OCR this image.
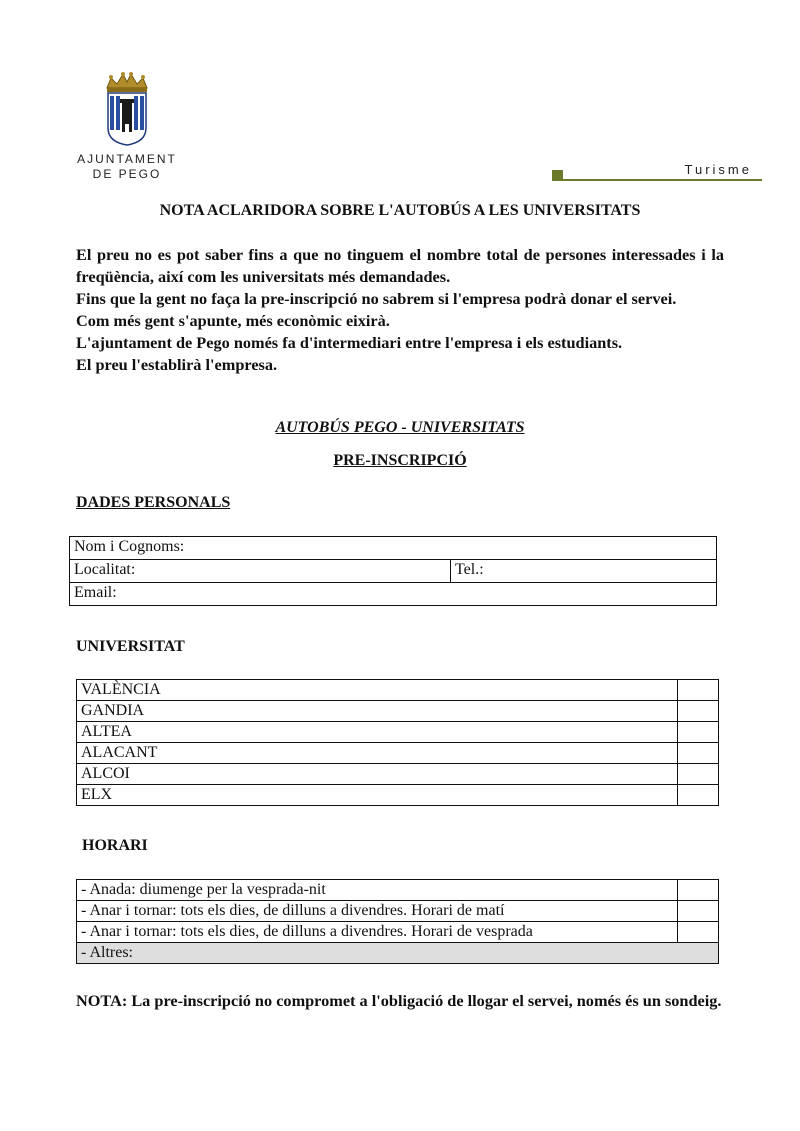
AJUNTAMENT
DE PEGO	Turisme
NOTA ACLARIDORA SOBRE L'AUTOBÚS A LES UNIVERSITATS

El preu no es pot saber fins a que no tinguem el nombre total de persones interessades i la freqüència, així com les universitats més demandades.

Fins que la gent no faça la pre-inscripció no sabrem si l'empresa podrà donar el servei.

Com més gent s'apunte, més econòmic eixirà.

L'ajuntament de Pego només fa d'intermediari entre l'empresa i els estudiants.

El preu l'establirà l'empresa.

AUTOBÚS PEGO - UNIVERSITATS
PRE-INSCRIPCIÓ
DADES PERSONALS
Nom i Cognoms:
Localitat:	Tel.:
Email:
UNIVERSITAT
VALÈNCIA	
GANDIA	
ALTEA	
ALACANT	
ALCOI	
ELX	
HORARI
- Anada: diumenge per la vesprada-nit	
- Anar i tornar: tots els dies, de dilluns a divendres. Horari de matí	
- Anar i tornar: tots els dies, de dilluns a divendres. Horari de vesprada	
- Altres:	
NOTA: La pre-inscripció no compromet a l'obligació de llogar el servei, només és un sondeig.
